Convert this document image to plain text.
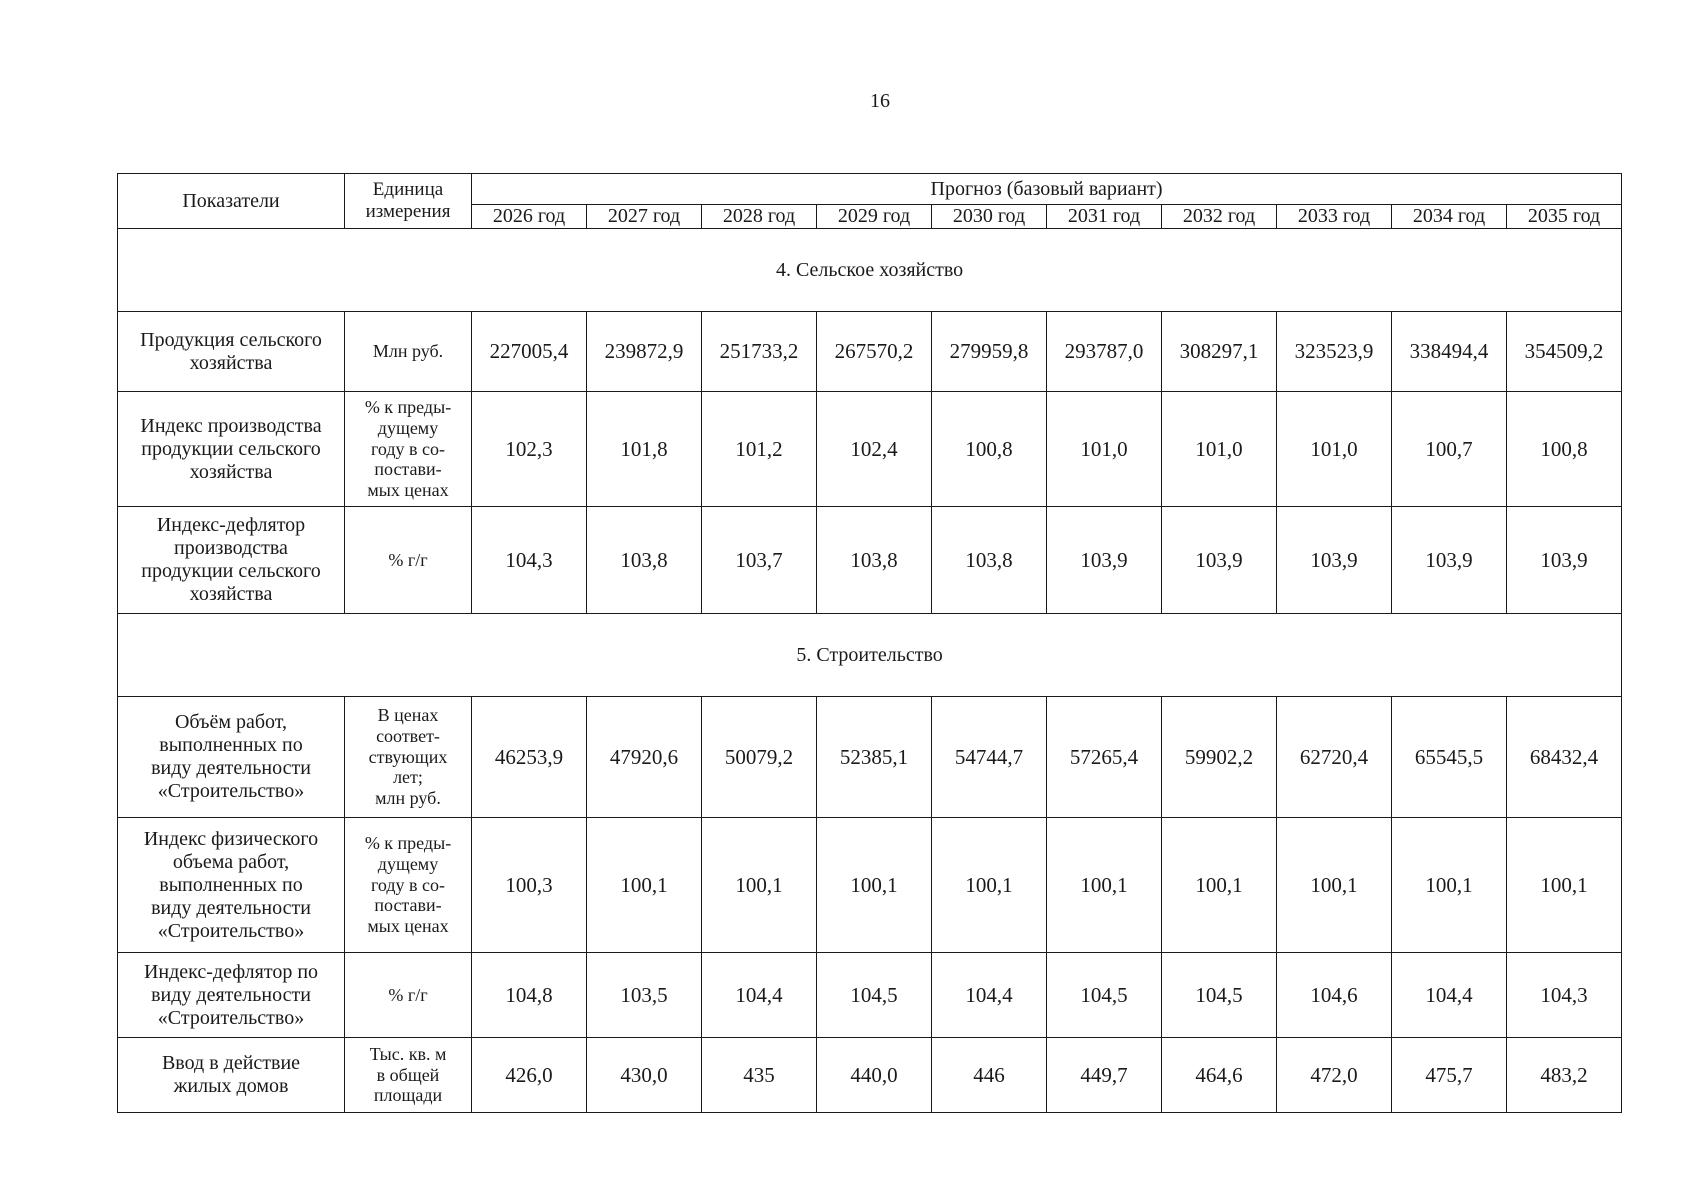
16
Показатели	Единица
измерения	Прогноз (базовый вариант)									
		2026 год	2027 год	2028 год	2029 год	2030 год	2031 год	2032 год	2033 год	2034 год	2035 год
4. Сельское хозяйство											

Продукция сельского
хозяйства	Млн руб.	227005,4	239872,9	251733,2	267570,2	279959,8	293787,0	308297,1	323523,9	338494,4	354509,2

Индекс производства
продукции сельского
хозяйства	% к преды-
дущему
году в со-
постави-
мых ценах	102,3	101,8	101,2	102,4	100,8	101,0	101,0	101,0	100,7	100,8

Индекс-дефлятор
производства
продукции сельского
хозяйства	% г/г	104,3	103,8	103,7	103,8	103,8	103,9	103,9	103,9	103,9	103,9
5. Строительство											

Объём работ,
выполненных по
виду деятельности
«Строительство»	В ценах
соответ-
ствующих
лет;
млн руб.	46253,9	47920,6	50079,2	52385,1	54744,7	57265,4	59902,2	62720,4	65545,5	68432,4

Индекс физического
объема работ,
выполненных по
виду деятельности
«Строительство»	% к преды-
дущему
году в со-
постави-
мых ценах	100,3	100,1	100,1	100,1	100,1	100,1	100,1	100,1	100,1	100,1

Индекс-дефлятор по
виду деятельности
«Строительство»	% г/г	104,8	103,5	104,4	104,5	104,4	104,5	104,5	104,6	104,4	104,3

Ввод в действие
жилых домов	Тыс. кв. м
в общей
площади	426,0	430,0	435	440,0	446	449,7	464,6	472,0	475,7	483,2
